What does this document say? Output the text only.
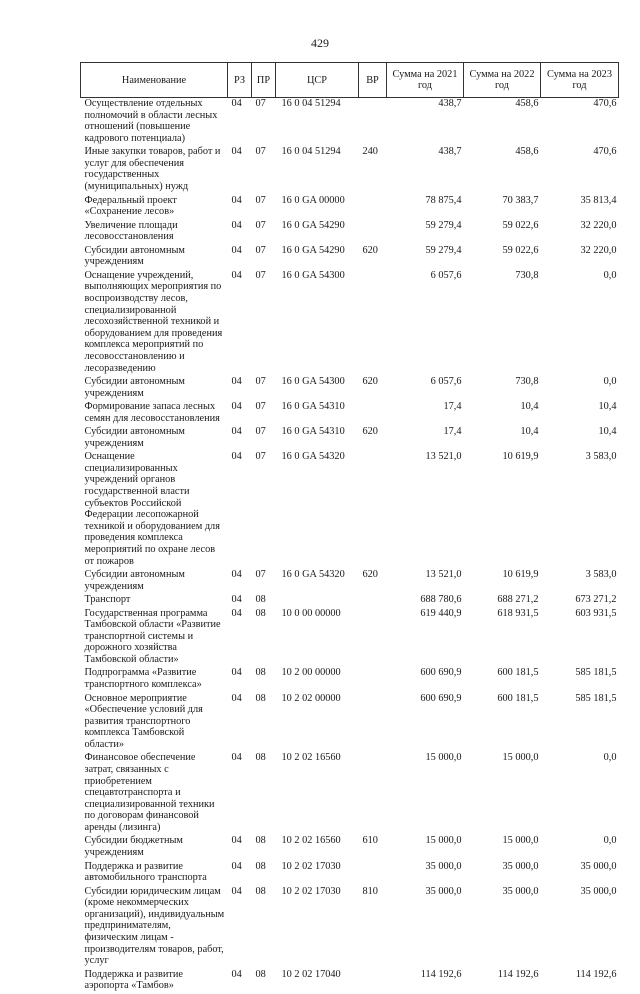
429
Наименование	РЗ	ПР	ЦСР	ВР	Сумма на 2021 год	Сумма на 2022 год	Сумма на 2023 год
Осуществление отдельных полномочий в области лесных отношений (повышение кадрового потенциала)	04	07	16 0 04 51294		438,7	458,6	470,6
Иные закупки товаров, работ и услуг для обеспечения государственных (муниципальных) нужд	04	07	16 0 04 51294	240	438,7	458,6	470,6
Федеральный проект «Сохранение лесов»	04	07	16 0 GA 00000		78 875,4	70 383,7	35 813,4
Увеличение площади лесовосстановления	04	07	16 0 GA 54290		59 279,4	59 022,6	32 220,0
Субсидии автономным учреждениям	04	07	16 0 GA 54290	620	59 279,4	59 022,6	32 220,0
Оснащение учреждений, выполняющих мероприятия по воспроизводству лесов, специализированной лесохозяйственной техникой и оборудованием для проведения комплекса мероприятий по лесовосстановлению и лесоразведению	04	07	16 0 GA 54300		6 057,6	730,8	0,0
Субсидии автономным учреждениям	04	07	16 0 GA 54300	620	6 057,6	730,8	0,0
Формирование запаса лесных семян для лесовосстановления	04	07	16 0 GA 54310		17,4	10,4	10,4
Субсидии автономным учреждениям	04	07	16 0 GA 54310	620	17,4	10,4	10,4
Оснащение специализированных учреждений органов государственной власти субъектов Российской Федерации лесопожарной техникой и оборудованием для проведения комплекса мероприятий по охране лесов от пожаров	04	07	16 0 GA 54320		13 521,0	10 619,9	3 583,0
Субсидии автономным учреждениям	04	07	16 0 GA 54320	620	13 521,0	10 619,9	3 583,0
Транспорт	04	08			688 780,6	688 271,2	673 271,2
Государственная программа Тамбовской области «Развитие транспортной системы и дорожного хозяйства Тамбовской области»	04	08	10 0 00 00000		619 440,9	618 931,5	603 931,5
Подпрограмма «Развитие транспортного комплекса»	04	08	10 2 00 00000		600 690,9	600 181,5	585 181,5
Основное мероприятие «Обеспечение условий для развития транспортного комплекса Тамбовской области»	04	08	10 2 02 00000		600 690,9	600 181,5	585 181,5
Финансовое обеспечение затрат, связанных с приобретением спецавтотранспорта и специализированной техники по договорам финансовой аренды (лизинга)	04	08	10 2 02 16560		15 000,0	15 000,0	0,0
Субсидии бюджетным учреждениям	04	08	10 2 02 16560	610	15 000,0	15 000,0	0,0
Поддержка и развитие автомобильного транспорта	04	08	10 2 02 17030		35 000,0	35 000,0	35 000,0
Субсидии юридическим лицам (кроме некоммерческих организаций), индивидуальным предпринимателям, физическим лицам - производителям товаров, работ, услуг	04	08	10 2 02 17030	810	35 000,0	35 000,0	35 000,0
Поддержка и развитие аэропорта «Тамбов»	04	08	10 2 02 17040		114 192,6	114 192,6	114 192,6
